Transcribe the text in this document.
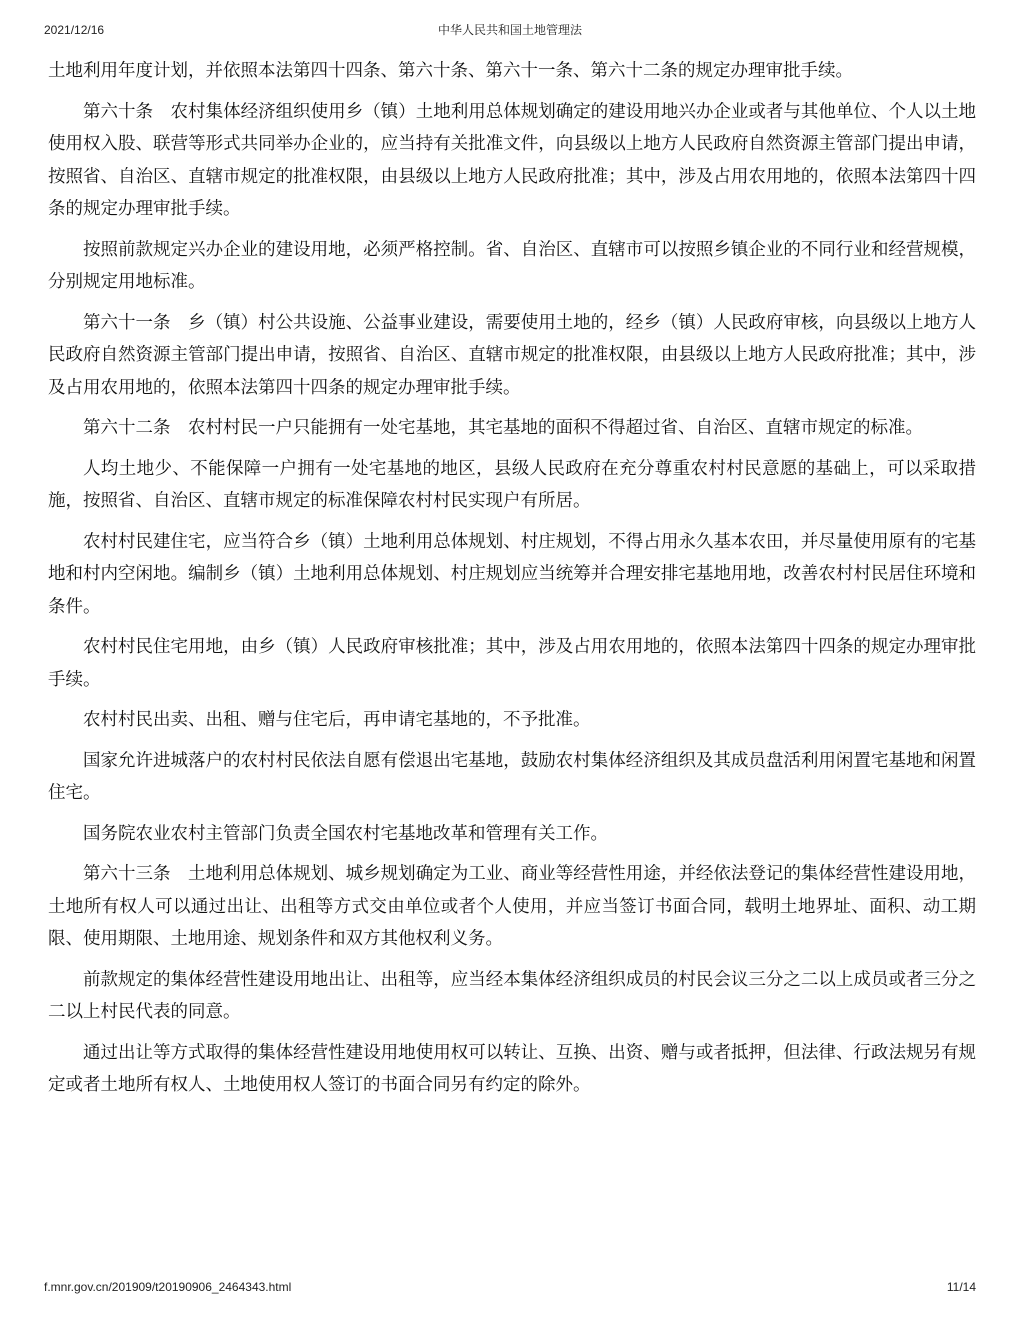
2021/12/16	中华人民共和国土地管理法

土地利用年度计划，并依照本法第四十四条、第六十条、第六十一条、第六十二条的规定办理审批手续。

第六十条　农村集体经济组织使用乡（镇）土地利用总体规划确定的建设用地兴办企业或者与其他单位、个人以土地使用权入股、联营等形式共同举办企业的，应当持有关批准文件，向县级以上地方人民政府自然资源主管部门提出申请，按照省、自治区、直辖市规定的批准权限，由县级以上地方人民政府批准；其中，涉及占用农用地的，依照本法第四十四条的规定办理审批手续。

按照前款规定兴办企业的建设用地，必须严格控制。省、自治区、直辖市可以按照乡镇企业的不同行业和经营规模，分别规定用地标准。

第六十一条　乡（镇）村公共设施、公益事业建设，需要使用土地的，经乡（镇）人民政府审核，向县级以上地方人民政府自然资源主管部门提出申请，按照省、自治区、直辖市规定的批准权限，由县级以上地方人民政府批准；其中，涉及占用农用地的，依照本法第四十四条的规定办理审批手续。

第六十二条　农村村民一户只能拥有一处宅基地，其宅基地的面积不得超过省、自治区、直辖市规定的标准。

人均土地少、不能保障一户拥有一处宅基地的地区，县级人民政府在充分尊重农村村民意愿的基础上，可以采取措施，按照省、自治区、直辖市规定的标准保障农村村民实现户有所居。

农村村民建住宅，应当符合乡（镇）土地利用总体规划、村庄规划，不得占用永久基本农田，并尽量使用原有的宅基地和村内空闲地。编制乡（镇）土地利用总体规划、村庄规划应当统筹并合理安排宅基地用地，改善农村村民居住环境和条件。

农村村民住宅用地，由乡（镇）人民政府审核批准；其中，涉及占用农用地的，依照本法第四十四条的规定办理审批手续。

农村村民出卖、出租、赠与住宅后，再申请宅基地的，不予批准。

国家允许进城落户的农村村民依法自愿有偿退出宅基地，鼓励农村集体经济组织及其成员盘活利用闲置宅基地和闲置住宅。

国务院农业农村主管部门负责全国农村宅基地改革和管理有关工作。

第六十三条　土地利用总体规划、城乡规划确定为工业、商业等经营性用途，并经依法登记的集体经营性建设用地，土地所有权人可以通过出让、出租等方式交由单位或者个人使用，并应当签订书面合同，载明土地界址、面积、动工期限、使用期限、土地用途、规划条件和双方其他权利义务。

前款规定的集体经营性建设用地出让、出租等，应当经本集体经济组织成员的村民会议三分之二以上成员或者三分之二以上村民代表的同意。

通过出让等方式取得的集体经营性建设用地使用权可以转让、互换、出资、赠与或者抵押，但法律、行政法规另有规定或者土地所有权人、土地使用权人签订的书面合同另有约定的除外。

f.mnr.gov.cn/201909/t20190906_2464343.html	11/14
